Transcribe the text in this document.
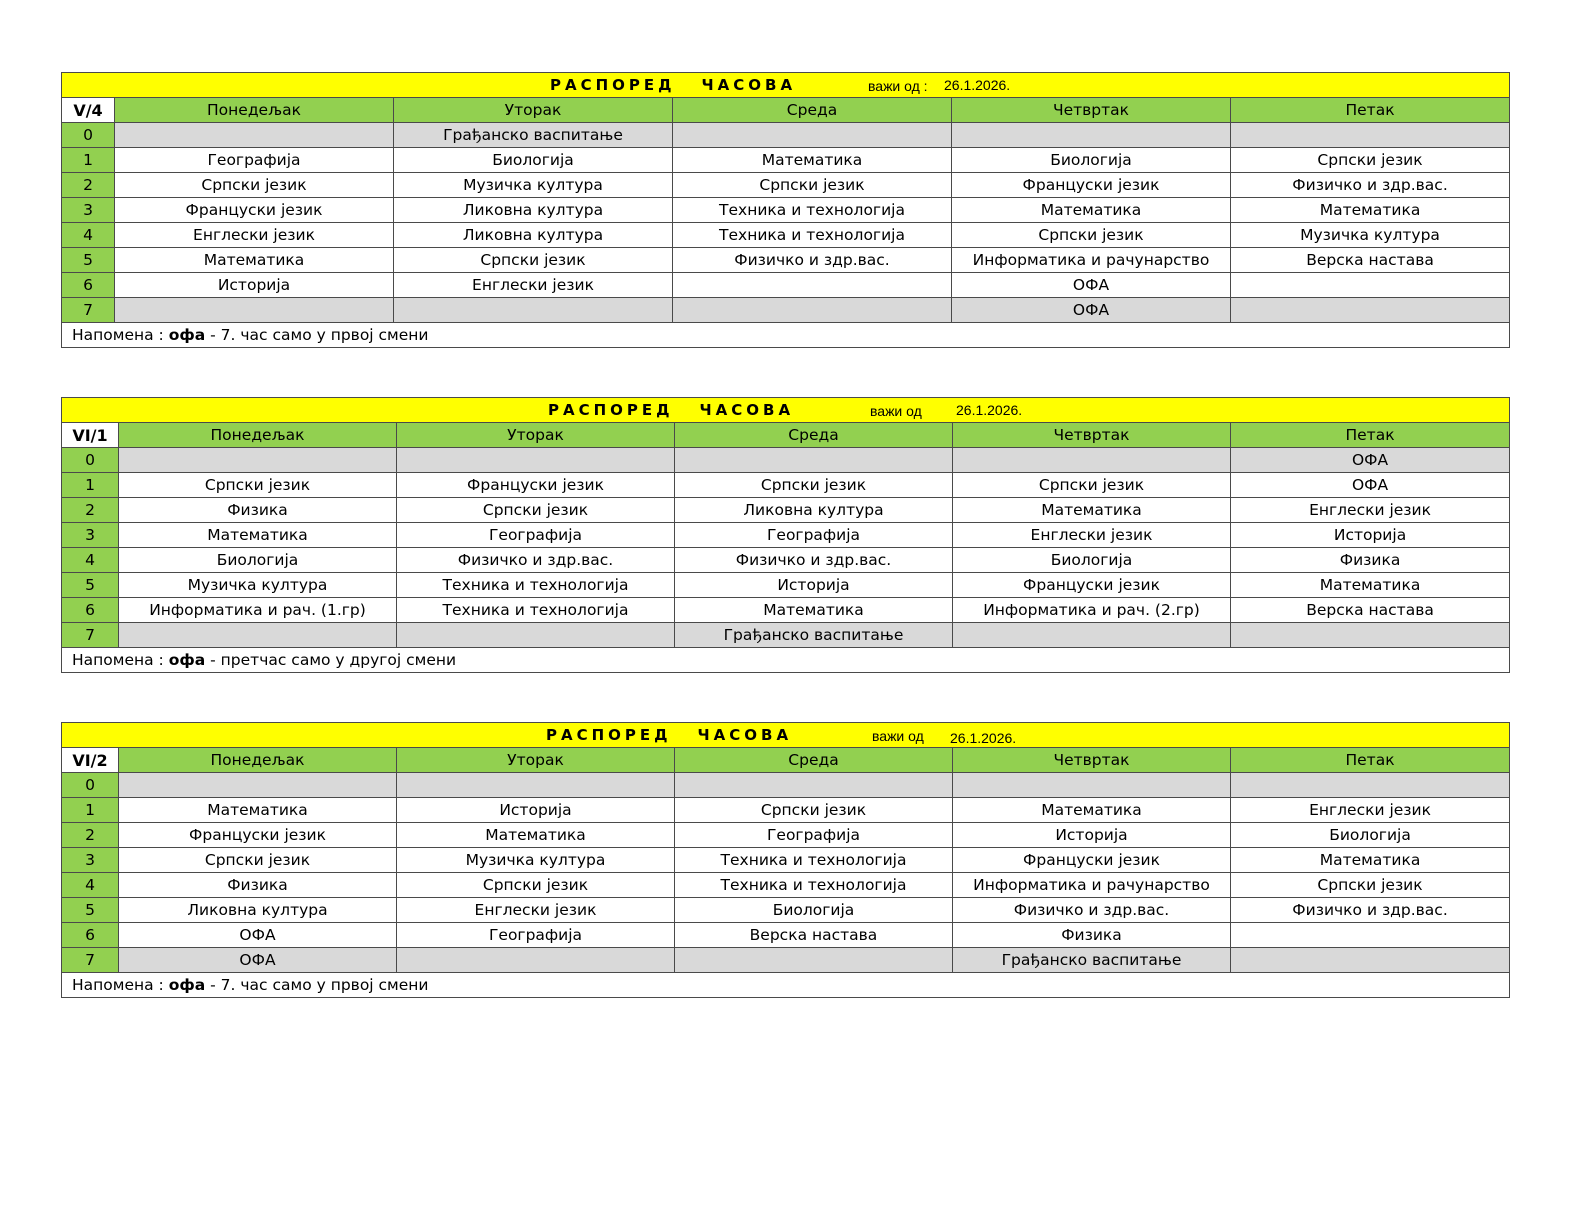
РАСПОРЕД ЧАСОВА важи од : 26.1.2026.					

V/4	Понедељак	Уторак	Среда	Четвртак	Петак
0		Грађанско васпитање			
1	Географија	Биологија	Математика	Биологија	Српски језик
2	Српски језик	Музичка култура	Српски језик	Француски језик	Физичко и здр.вас.
3	Француски језик	Ликовна култура	Техника и технологија	Математика	Математика
4	Енглески језик	Ликовна култура	Техника и технологија	Српски језик	Музичка култура
5	Математика	Српски језик	Физичко и здр.вас.	Информатика и рачунарство	Верска настава
6	Историја	Енглески језик		ОФА	
7				ОФА	
Напомена : офа - 7. час само у првој смени					
РАСПОРЕД ЧАСОВА важи од 26.1.2026.					

VI/1	Понедељак	Уторак	Среда	Четвртак	Петак
0					ОФА
1	Српски језик	Француски језик	Српски језик	Српски језик	ОФА
2	Физика	Српски језик	Ликовна култура	Математика	Енглески језик
3	Математика	Географија	Географија	Енглески језик	Историја
4	Биологија	Физичко и здр.вас.	Физичко и здр.вас.	Биологија	Физика
5	Музичка култура	Техника и технологија	Историја	Француски језик	Математика
6	Информатика и рач. (1.гр)	Техника и технологија	Математика	Информатика и рач. (2.гр)	Верска настава
7			Грађанско васпитање		
Напомена : офа - претчас само у другој смени					
РАСПОРЕД ЧАСОВА важи од 26.1.2026.					

VI/2	Понедељак	Уторак	Среда	Четвртак	Петак
0					
1	Математика	Историја	Српски језик	Математика	Енглески језик
2	Француски језик	Математика	Географија	Историја	Биологија
3	Српски језик	Музичка култура	Техника и технологија	Француски језик	Математика
4	Физика	Српски језик	Техника и технологија	Информатика и рачунарство	Српски језик
5	Ликовна култура	Енглески језик	Биологија	Физичко и здр.вас.	Физичко и здр.вас.
6	ОФА	Географија	Верска настава	Физика	
7	ОФА			Грађанско васпитање	
Напомена : офа - 7. час само у првој смени					
